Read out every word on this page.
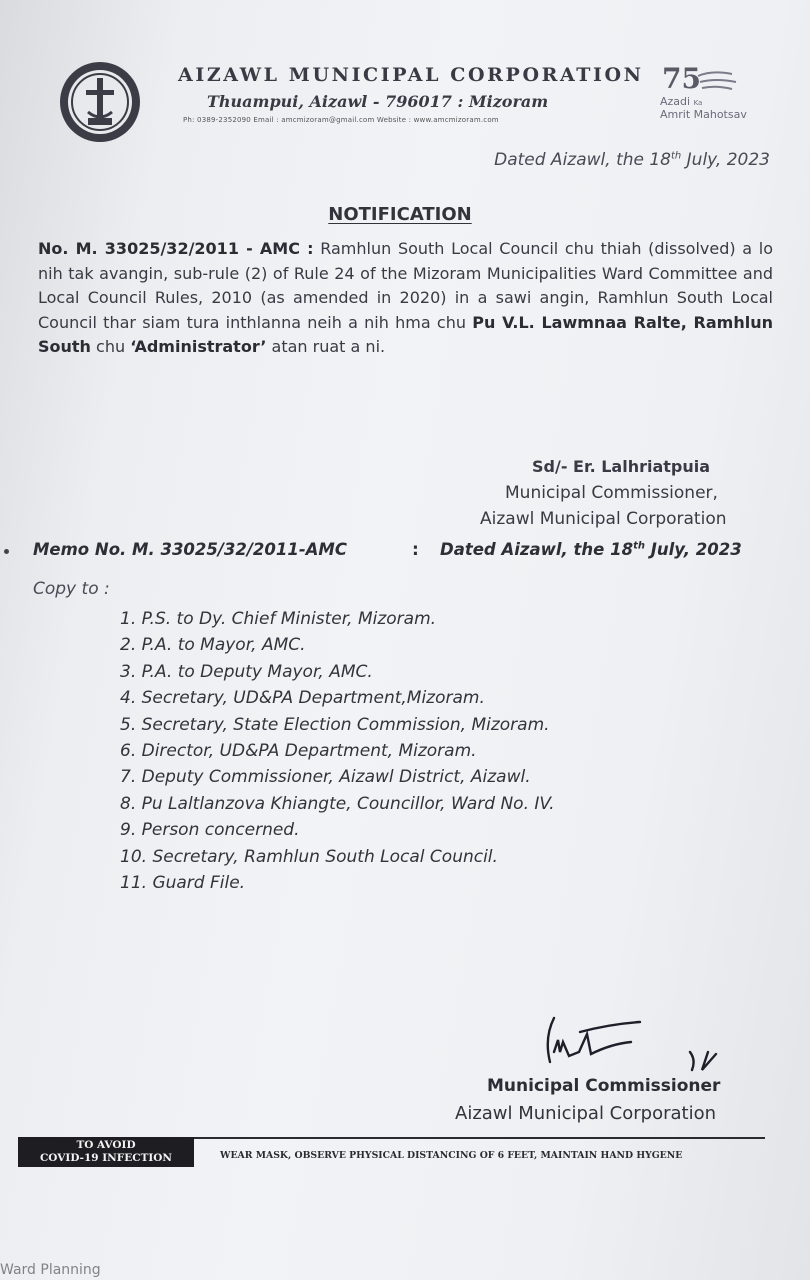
AIZAWL MUNICIPAL CORPORATION
Thuampui, Aizawl - 796017 : Mizoram
Ph: 0389-2352090 Email : amcmizoram@gmail.com Website : www.amcmizoram.com
75
Azadi Ka
Amrit Mahotsav
Dated Aizawl, the 18th July, 2023
NOTIFICATION
No. M. 33025/32/2011 - AMC : Ramhlun South Local Council chu thiah (dissolved) a lo nih tak avangin, sub-rule (2) of Rule 24 of the Mizoram Municipalities Ward Committee and Local Council Rules, 2010 (as amended in 2020) in a sawi angin, Ramhlun South Local Council thar siam tura inthlanna neih a nih hma chu Pu V.L. Lawmnaa Ralte, Ramhlun South chu ‘Administrator’ atan ruat a ni.
Sd/- Er. Lalhriatpuia
Municipal Commissioner,
Aizawl Municipal Corporation
Memo No. M. 33025/32/2011-AMC	: Dated Aizawl, the 18th July, 2023
Copy to :
1. P.S. to Dy. Chief Minister, Mizoram.
2. P.A. to Mayor, AMC.
3. P.A. to Deputy Mayor, AMC.
4. Secretary, UD&PA Department,Mizoram.
5. Secretary, State Election Commission, Mizoram.
6. Director, UD&PA Department, Mizoram.
7. Deputy Commissioner, Aizawl District, Aizawl.
8. Pu Laltlanzova Khiangte, Councillor, Ward No. IV.
9. Person concerned.
10. Secretary, Ramhlun South Local Council.
11. Guard File.
Municipal Commissioner
Aizawl Municipal Corporation
TO AVOID
COVID-19 INFECTION	WEAR MASK, OBSERVE PHYSICAL DISTANCING OF 6 FEET, MAINTAIN HAND HYGENE
Ward Planning
